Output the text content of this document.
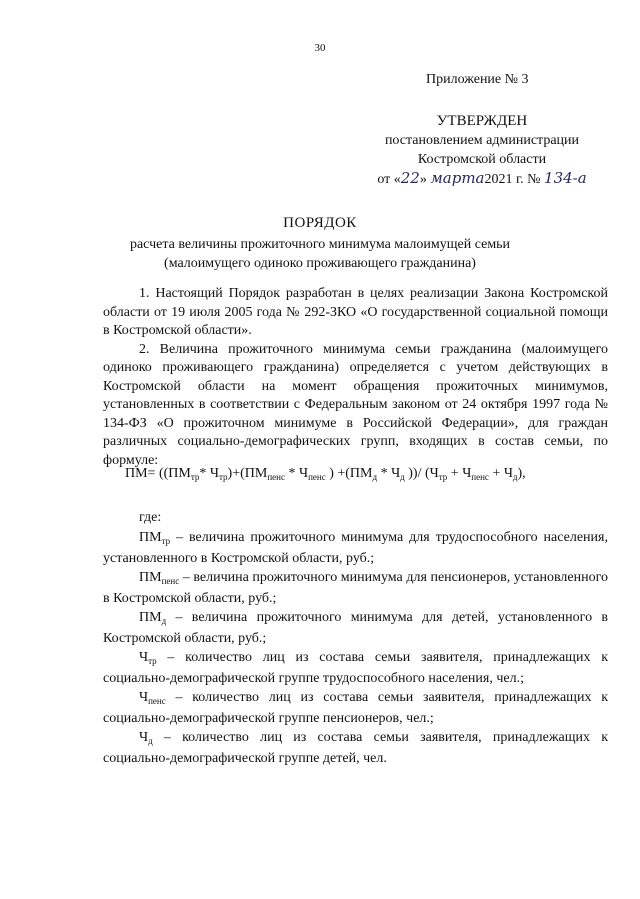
30
Приложение № 3
УТВЕРЖДЕН
постановлением администрации
Костромской области
от «22» марта2021 г. № 134-а
ПОРЯДОК
расчета величины прожиточного минимума малоимущей семьи
(малоимущего одиноко проживающего гражданина)

1. Настоящий Порядок разработан в целях реализации Закона Костромской области от 19 июля 2005 года № 292-ЗКО «О государственной социальной помощи в Костромской области».

2. Величина прожиточного минимума семьи гражданина (малоимущего одиноко проживающего гражданина) определяется с учетом действующих в Костромской области на момент обращения прожиточных минимумов, установленных в соответствии с Федеральным законом от 24 октября 1997 года № 134-ФЗ «О прожиточном минимуме в Российской Федерации», для граждан различных социально-демографических групп, входящих в состав семьи, по формуле:

$ПМ= ((ПМ_{тр}*$ $Ч_{тр})+(ПМ_{пенс} * Ч_{пенс}$ ) $+(ПМ_д * Ч_д$ ))/ $(Ч_{тр} + Ч_{пенс} + Ч_д)$,

где:

$ПМ_{тр}$ – величина прожиточного минимума для трудоспособного населения, установленного в Костромской области, руб.;

$ПМ_{пенс}$ – величина прожиточного минимума для пенсионеров, установленного в Костромской области, руб.;

$ПМ_д$ – величина прожиточного минимума для детей, установленного в Костромской области, руб.;

$Ч_{тр}$ – количество лиц из состава семьи заявителя, принадлежащих к социально-демографической группе трудоспособного населения, чел.;

$Ч_{пенс}$ – количество лиц из состава семьи заявителя, принадлежащих к социально-демографической группе пенсионеров, чел.;

$Ч_д$ – количество лиц из состава семьи заявителя, принадлежащих к социально-демографической группе детей, чел.
